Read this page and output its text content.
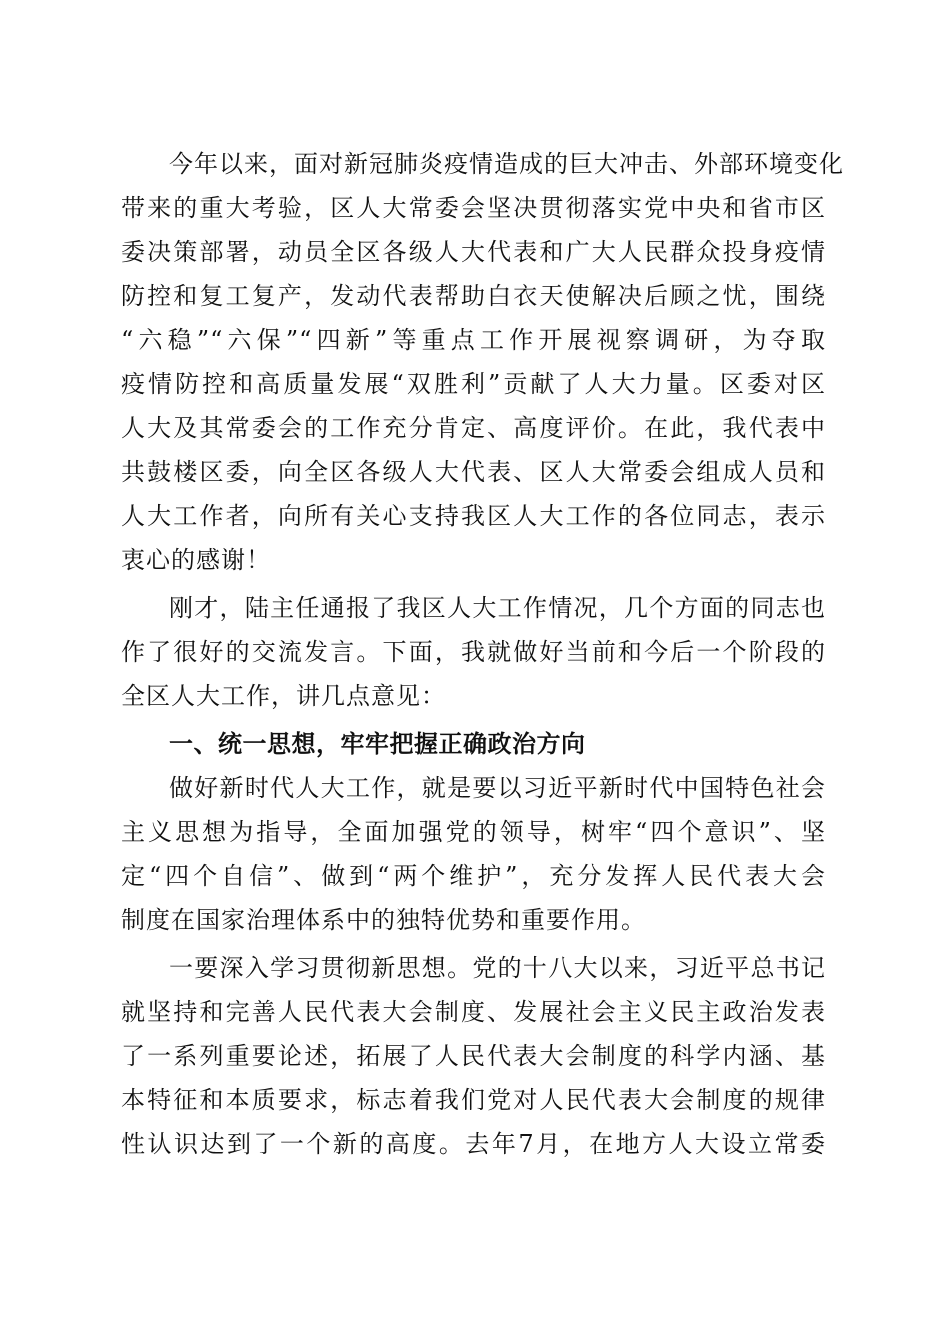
今年以来，面对新冠肺炎疫情造成的巨大冲击、外部环境变化
带来的重大考验，区人大常委会坚决贯彻落实党中央和省市区
委决策部署，动员全区各级人大代表和广大人民群众投身疫情
防控和复工复产，发动代表帮助白衣天使解决后顾之忧，围绕
“六稳”“六保”“四新”等重点工作开展视察调研，为夺取
疫情防控和高质量发展“双胜利”贡献了人大力量。区委对区
人大及其常委会的工作充分肯定、高度评价。在此，我代表中
共鼓楼区委，向全区各级人大代表、区人大常委会组成人员和
人大工作者，向所有关心支持我区人大工作的各位同志，表示
衷心的感谢！
刚才，陆主任通报了我区人大工作情况，几个方面的同志也
作了很好的交流发言。下面，我就做好当前和今后一个阶段的
全区人大工作，讲几点意见：
一、统一思想，牢牢把握正确政治方向
做好新时代人大工作，就是要以习近平新时代中国特色社会
主义思想为指导，全面加强党的领导，树牢“四个意识”、坚
定“四个自信”、做到“两个维护”，充分发挥人民代表大会
制度在国家治理体系中的独特优势和重要作用。
一要深入学习贯彻新思想。党的十八大以来，习近平总书记
就坚持和完善人民代表大会制度、发展社会主义民主政治发表
了一系列重要论述，拓展了人民代表大会制度的科学内涵、基
本特征和本质要求，标志着我们党对人民代表大会制度的规律
性认识达到了一个新的高度。去年7月，在地方人大设立常委
